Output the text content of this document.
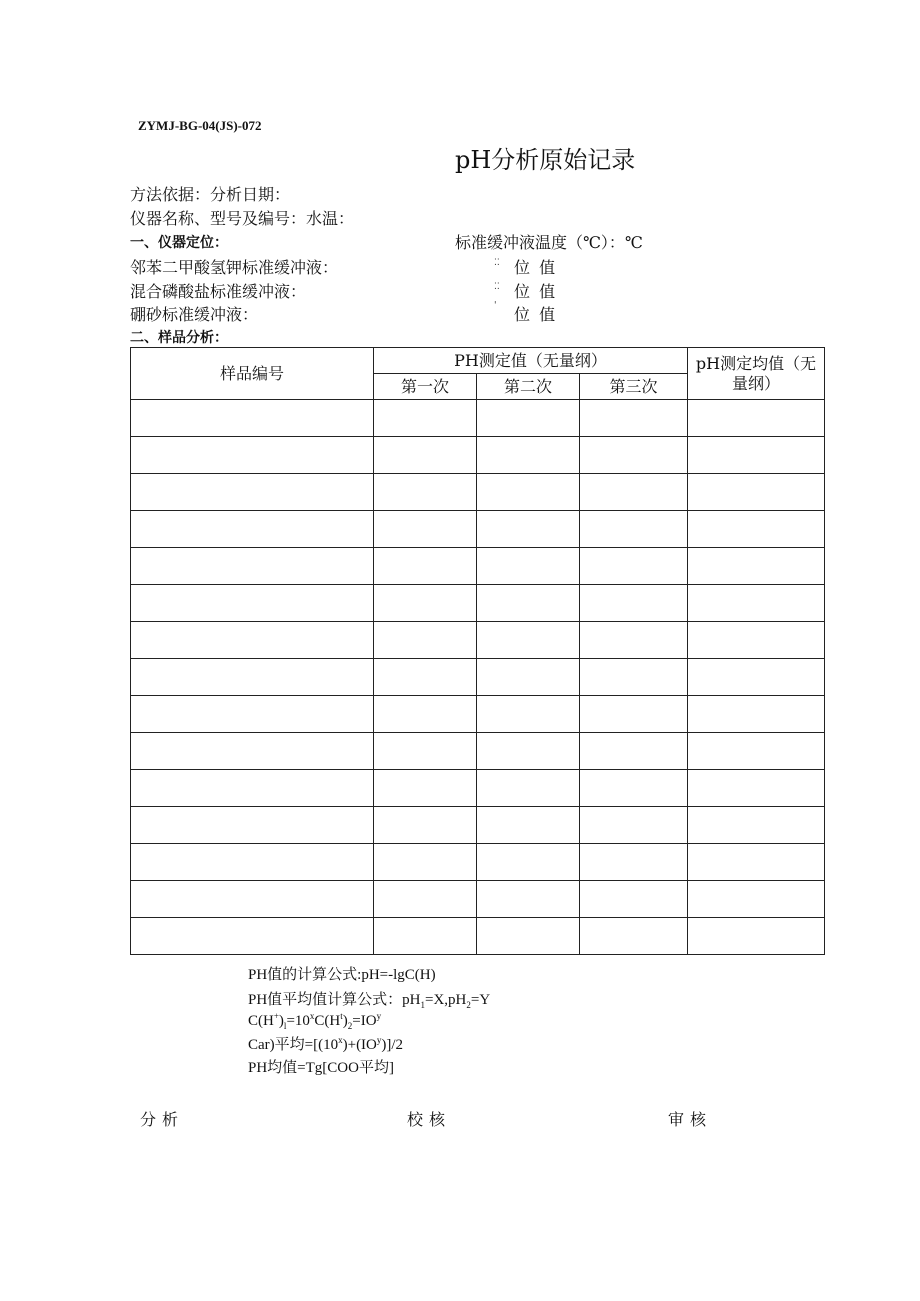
ZYMJ-BG-04(JS)-072
pH分析原始记录
方法依据：分析日期：
仪器名称、型号及编号：水温：
一、仪器定位：	标准缓冲液温度（℃）：℃
邻苯二甲酸氢钾标准缓冲液：	⁚⁚ 位 值
混合磷酸盐标准缓冲液：	⁚⁚ 位 值
硼砂标准缓冲液：	' 位 值
二、样品分析：
样品编号	PH测定值（无量纲）			pH测定均值（无量纲）
	第一次	第二次	第三次	

PH值的计算公式:pH=-lgC(H)
PH值平均值计算公式：$pH_1=X,pH_2=Y$
$C(H^+)_l=10^xC(H^t)_2=IO^y$
Car)平均$=[(10^x)+(IO^y)]/2$
PH均值=Tg[COO平均]
分析	校核	审核
